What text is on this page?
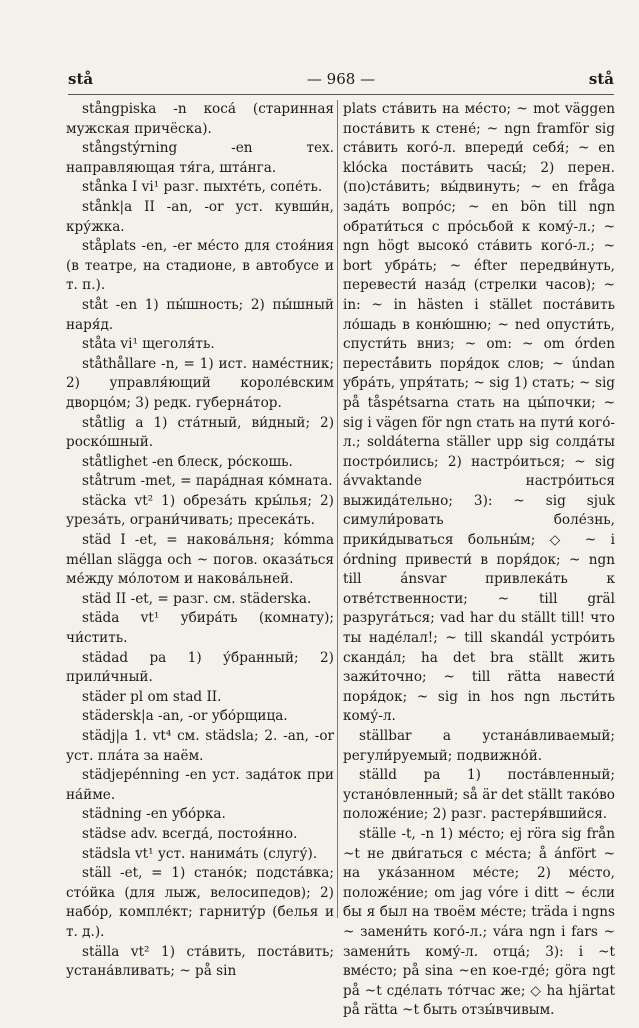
stå	— 968 —	stå

stångpiska -n коса́ (старинная мужская причёска).

stångstýrning -en тех. направляющая тя́га, шта́нга.

stånka I vi¹ разг. пыхте́ть, сопе́ть.

stånk|a II -an, -or уст. кувши́н, кру́жка.

ståplats -en, -er ме́сто для стоя́ния (в театре, на стадионе, в автобусе и т. п.).

ståt -en 1) пы́шность; 2) пы́шный наря́д.

ståta vi¹ щеголя́ть.

ståthållare -n, = 1) ист. наме́стник; 2) управля́ющий короле́вским дворцо́м; 3) редк. губерна́тор.

ståtlig a 1) ста́тный, ви́дный; 2) роско́шный.

ståtlighet -en блеск, ро́скошь.

ståtrum -met, = пара́дная ко́мната.

stäcka vt² 1) обреза́ть кры́лья; 2) уреза́ть, ограни́чивать; пресека́ть.

städ I -et, = накова́льня; kómma méllan slägga och ~ погов. оказа́ться ме́жду мо́лотом и накова́льней.

städ II -et, = разг. см. städerska.

städa vt¹ убира́ть (комнату); чи́стить.

städad pa 1) у́бранный; 2) прили́чный.

städer pl om stad II.

städersk|a -an, -or убо́рщица.

städj|a 1. vt⁴ см. städsla; 2. -an, -or уст. пла́та за наём.

städjepénning -en уст. зада́ток при на́йме.

städning -en убо́рка.

städse adv. всегда́, постоя́нно.

städsla vt¹ уст. нанима́ть (слугу́).

ställ -et, = 1) стано́к; подста́вка; сто́йка (для лыж, велосипедов); 2) набо́р, компле́кт; гарниту́р (белья и т. д.).

ställa vt² 1) ста́вить, поста́вить; устана́вливать; ~ på sin

plats ста́вить на ме́сто; ~ mot väggen поста́вить к стене́; ~ ngn framför sig ста́вить кого́-л. впереди́ себя́; ~ en klócka поста́вить часы́; 2) перен. (по)ста́вить; вы́двинуть; ~ en fråga зада́ть вопро́с; ~ en bön till ngn обрати́ться с про́сьбой к кому́-л.; ~ ngn högt высоко́ ста́вить кого́-л.; ~ bort убра́ть; ~ éfter передви́нуть, перевести́ наза́д (стрелки часов); ~ in: ~ in hästen i stället поста́вить ло́шадь в коню́шню; ~ ned опусти́ть, спусти́ть вниз; ~ om: ~ om órden перестá́вить поря́док слов; ~ úndan убра́ть, упря́тать; ~ sig 1) стать; ~ sig på tåspétsarna стать на цы́почки; ~ sig i vägen för ngn стать на пути́ кого́-л.; soldáterna ställer upp sig солда́ты постро́ились; 2) настро́иться; ~ sig ávvaktande настро́иться выжида́тельно; 3): ~ sig sjuk симули́ровать боле́знь, прики́дываться больны́м; ◇ ~ i órdning привести́ в поря́док; ~ ngn till ánsvar привлека́ть к отве́тственности; ~ till gräl разруга́ться; vad har du ställt till! что ты наде́лал!; ~ till skandál устро́ить сканда́л; ha det bra ställt жить зажи́точно; ~ till rätta навести́ поря́док; ~ sig in hos ngn льсти́ть кому́-л.

ställbar a устана́вливаемый; регули́руемый; подвижно́й.

ställd pa 1) поста́вленный; устано́вленный; så är det ställt тако́во положе́ние; 2) разг. растеря́вшийся.

ställe -t, -n 1) ме́сто; ej röra sig från ~t не дви́гаться с ме́ста; å ánfört ~ на ука́занном ме́сте; 2) ме́сто, положе́ние; om jag vóre i ditt ~ е́сли бы я был на твоём ме́сте; träda i ngns ~ замени́ть кого́-л.; vára ngn i fars ~ замени́ть кому́-л. отца́; 3): i ~t вме́сто; på sina ~en кое-где́; göra ngt på ~t сде́лать то́тчас же; ◇ ha hjärtat på rätta ~t быть отзы́вчивым.
